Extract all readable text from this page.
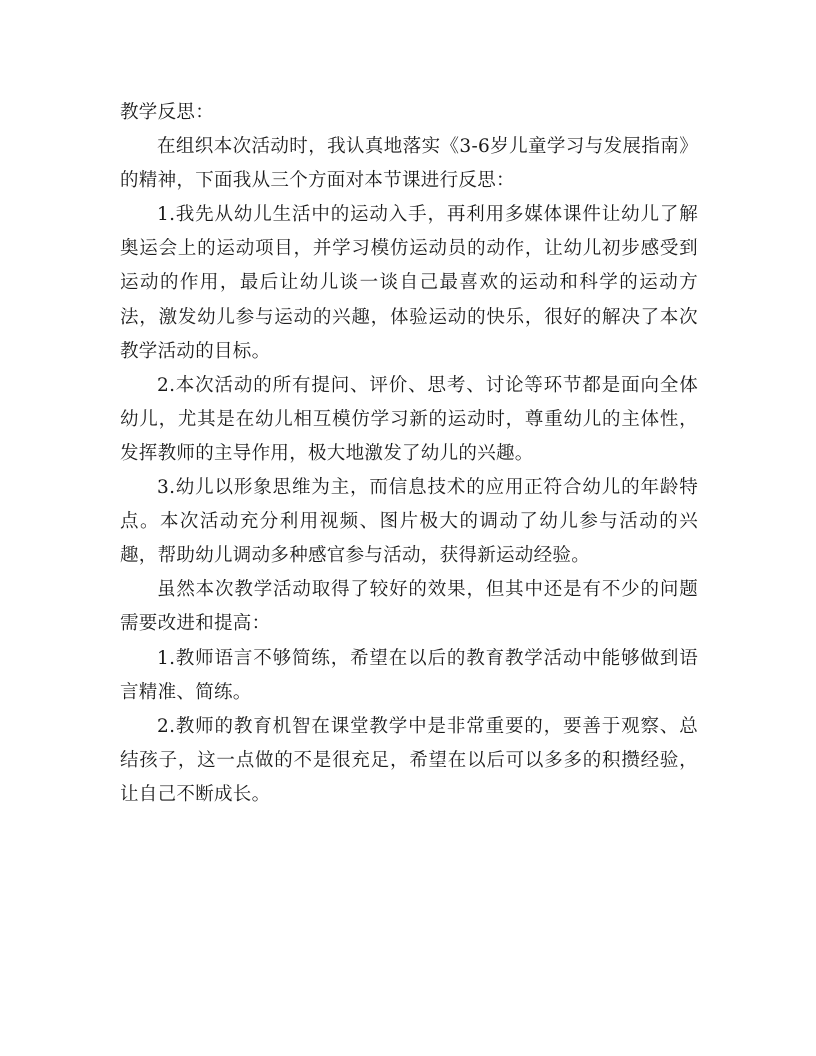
教学反思：

在组织本次活动时，我认真地落实《3-6岁儿童学习与发展指南》的精神，下面我从三个方面对本节课进行反思：

1.我先从幼儿生活中的运动入手，再利用多媒体课件让幼儿了解奥运会上的运动项目，并学习模仿运动员的动作，让幼儿初步感受到运动的作用，最后让幼儿谈一谈自己最喜欢的运动和科学的运动方法，激发幼儿参与运动的兴趣，体验运动的快乐，很好的解决了本次教学活动的目标。

2.本次活动的所有提问、评价、思考、讨论等环节都是面向全体幼儿，尤其是在幼儿相互模仿学习新的运动时，尊重幼儿的主体性，发挥教师的主导作用，极大地激发了幼儿的兴趣。

3.幼儿以形象思维为主，而信息技术的应用正符合幼儿的年龄特点。本次活动充分利用视频、图片极大的调动了幼儿参与活动的兴趣，帮助幼儿调动多种感官参与活动，获得新运动经验。

虽然本次教学活动取得了较好的效果，但其中还是有不少的问题需要改进和提高：

1.教师语言不够简练，希望在以后的教育教学活动中能够做到语言精准、简练。

2.教师的教育机智在课堂教学中是非常重要的，要善于观察、总结孩子，这一点做的不是很充足，希望在以后可以多多的积攒经验，让自己不断成长。
